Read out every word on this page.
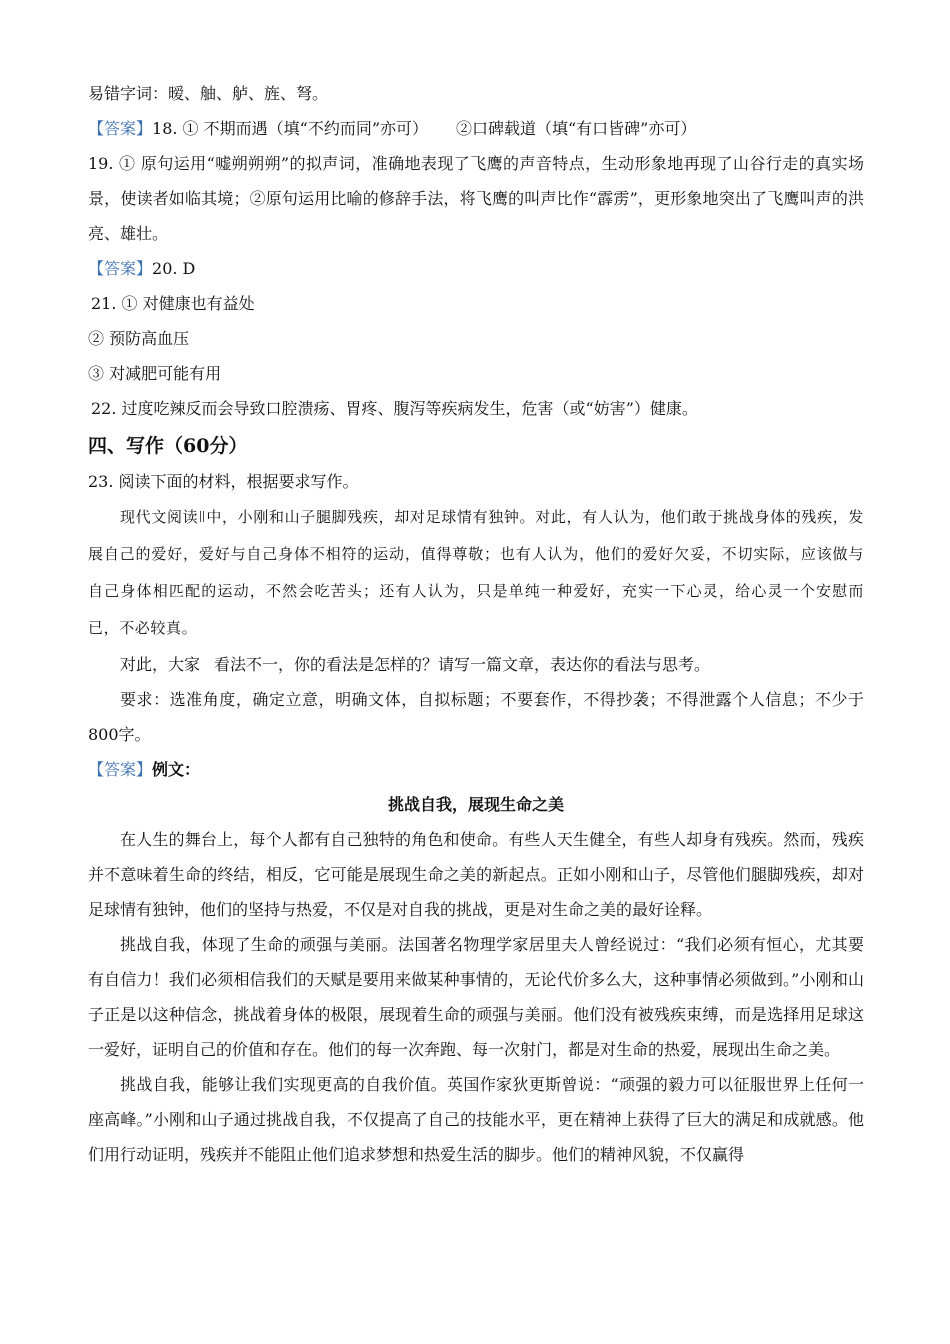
易错字词：暧、舳、舻、旌、弩。
【答案】18. ① 不期而遇（填“不约而同”亦可） ②口碑载道（填“有口皆碑”亦可）
19. ① 原句运用“嘘朔朔朔”的拟声词，准确地表现了飞鹰的声音特点，生动形象地再现了山谷行走的真实场景，使读者如临其境；②原句运用比喻的修辞手法，将飞鹰的叫声比作“霹雳”，更形象地突出了飞鹰叫声的洪亮、雄壮。
【答案】20. D
21. ① 对健康也有益处
② 预防高血压
③ 对减肥可能有用
22. 过度吃辣反而会导致口腔溃疡、胃疼、腹泻等疾病发生，危害（或“妨害”）健康。
四、写作（60分）
23. 阅读下面的材料，根据要求写作。
现代文阅读Ⅱ中，小刚和山子腿脚残疾，却对足球情有独钟。对此，有人认为，他们敢于挑战身体的残疾，发展自己的爱好，爱好与自己身体不相符的运动，值得尊敬；也有人认为，他们的爱好欠妥，不切实际，应该做与自己身体相匹配的运动，不然会吃苦头；还有人认为，只是单纯一种爱好，充实一下心灵，给心灵一个安慰而已，不必较真。
对此，大家 看法不一，你的看法是怎样的？请写一篇文章，表达你的看法与思考。
要求：选准角度，确定立意，明确文体，自拟标题；不要套作，不得抄袭；不得泄露个人信息；不少于800字。
【答案】例文：
挑战自我，展现生命之美
在人生的舞台上，每个人都有自己独特的角色和使命。有些人天生健全，有些人却身有残疾。然而，残疾并不意味着生命的终结，相反，它可能是展现生命之美的新起点。正如小刚和山子，尽管他们腿脚残疾，却对足球情有独钟，他们的坚持与热爱，不仅是对自我的挑战，更是对生命之美的最好诠释。
挑战自我，体现了生命的顽强与美丽。法国著名物理学家居里夫人曾经说过：“我们必须有恒心，尤其要有自信力！我们必须相信我们的天赋是要用来做某种事情的，无论代价多么大，这种事情必须做到。”小刚和山子正是以这种信念，挑战着身体的极限，展现着生命的顽强与美丽。他们没有被残疾束缚，而是选择用足球这一爱好，证明自己的价值和存在。他们的每一次奔跑、每一次射门，都是对生命的热爱，展现出生命之美。
挑战自我，能够让我们实现更高的自我价值。英国作家狄更斯曾说：“顽强的毅力可以征服世界上任何一座高峰。”小刚和山子通过挑战自我，不仅提高了自己的技能水平，更在精神上获得了巨大的满足和成就感。他们用行动证明，残疾并不能阻止他们追求梦想和热爱生活的脚步。他们的精神风貌，不仅赢得
